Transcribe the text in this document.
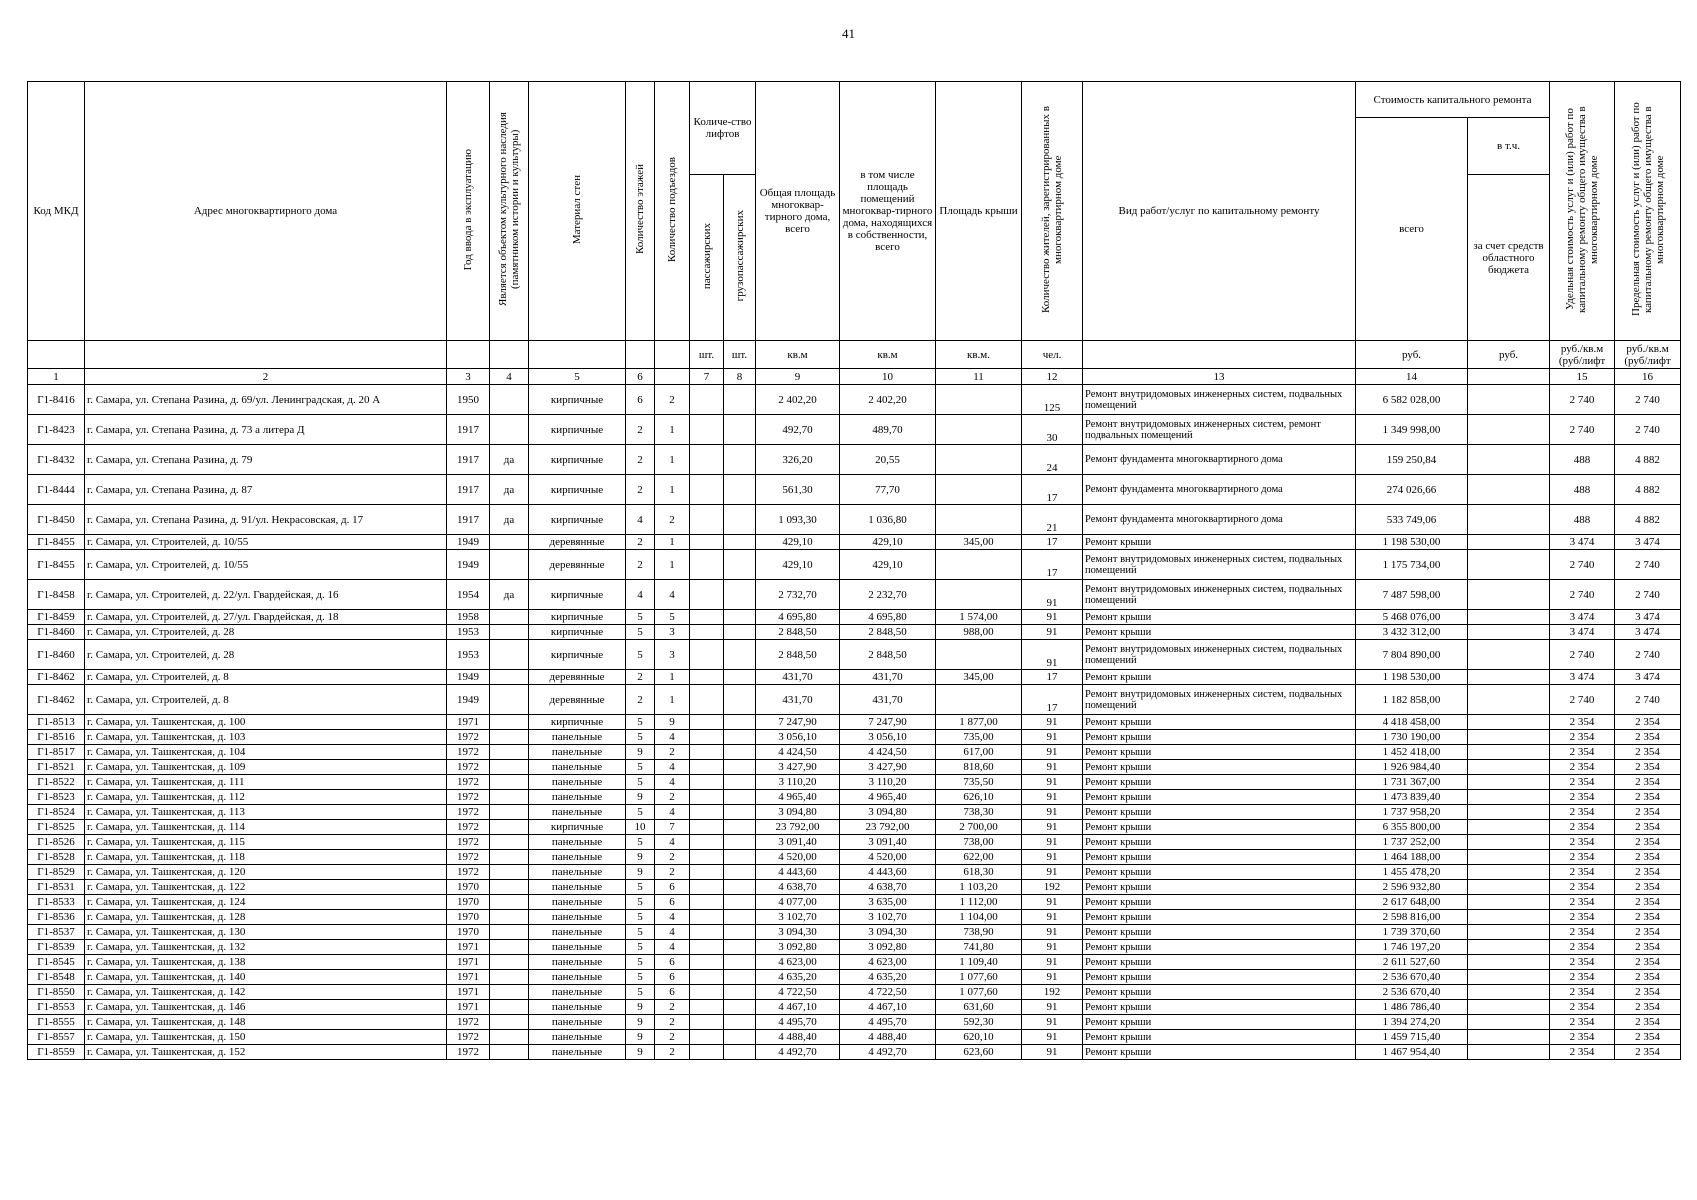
41
Код МКД	Адрес многоквартирного дома	Год ввода в эксплуатацию	Является объектом культурного наследия (памятником истории и культуры)	Материал стен	Количество этажей	Количество подъездов	Количе-ство лифтов		Общая площадь многоквар-тирного дома, всего	в том числе площадь помещений многоквар-тирного дома, находящихся в собственности, всего	Площадь крыши	Количество жителей, зарегистрированных в многоквартирном доме	Вид работ/услуг по капитальному ремонту	Стоимость капитального ремонта		Удельная стоимость услуг и (или) работ по капитальному ремонту общего имущества в многоквартирном доме	Предельная стоимость услуг и (или) работ по капитальному ремонту общего имущества в многоквартирном доме
														всего	в т.ч.		
							пассажирских	грузопассажирских							за счет средств областного бюджета		
							шт.	шт.	кв.м	кв.м	кв.м.	чел.		руб.	руб.	руб./кв.м (руб/лифт	руб./кв.м (руб/лифт
1	2	3	4	5	6		7	8	9	10	11	12	13	14		15	16
Г1-8416	г. Самара, ул. Степана Разина, д. 69/ул. Ленинградская, д. 20 А	1950		кирпичные	6	2			2 402,20	2 402,20		125	Ремонт внутридомовых инженерных систем, подвальных помещений	6 582 028,00		2 740	2 740
Г1-8423	г. Самара, ул. Степана Разина, д. 73 а литера Д	1917		кирпичные	2	1			492,70	489,70		30	Ремонт внутридомовых инженерных систем, ремонт подвальных помещений	1 349 998,00		2 740	2 740
Г1-8432	г. Самара, ул. Степана Разина, д. 79	1917	да	кирпичные	2	1			326,20	20,55		24	Ремонт фундамента многоквартирного дома	159 250,84		488	4 882
Г1-8444	г. Самара, ул. Степана Разина, д. 87	1917	да	кирпичные	2	1			561,30	77,70		17	Ремонт фундамента многоквартирного дома	274 026,66		488	4 882
Г1-8450	г. Самара, ул. Степана Разина, д. 91/ул. Некрасовская, д. 17	1917	да	кирпичные	4	2			1 093,30	1 036,80		21	Ремонт фундамента многоквартирного дома	533 749,06		488	4 882
Г1-8455	г. Самара, ул. Строителей, д. 10/55	1949		деревянные	2	1			429,10	429,10	345,00	17	Ремонт крыши	1 198 530,00		3 474	3 474
Г1-8455	г. Самара, ул. Строителей, д. 10/55	1949		деревянные	2	1			429,10	429,10		17	Ремонт внутридомовых инженерных систем, подвальных помещений	1 175 734,00		2 740	2 740
Г1-8458	г. Самара, ул. Строителей, д. 22/ул. Гвардейская, д. 16	1954	да	кирпичные	4	4			2 732,70	2 232,70		91	Ремонт внутридомовых инженерных систем, подвальных помещений	7 487 598,00		2 740	2 740
Г1-8459	г. Самара, ул. Строителей, д. 27/ул. Гвардейская, д. 18	1958		кирпичные	5	5			4 695,80	4 695,80	1 574,00	91	Ремонт крыши	5 468 076,00		3 474	3 474
Г1-8460	г. Самара, ул. Строителей, д. 28	1953		кирпичные	5	3			2 848,50	2 848,50	988,00	91	Ремонт крыши	3 432 312,00		3 474	3 474
Г1-8460	г. Самара, ул. Строителей, д. 28	1953		кирпичные	5	3			2 848,50	2 848,50		91	Ремонт внутридомовых инженерных систем, подвальных помещений	7 804 890,00		2 740	2 740
Г1-8462	г. Самара, ул. Строителей, д. 8	1949		деревянные	2	1			431,70	431,70	345,00	17	Ремонт крыши	1 198 530,00		3 474	3 474
Г1-8462	г. Самара, ул. Строителей, д. 8	1949		деревянные	2	1			431,70	431,70		17	Ремонт внутридомовых инженерных систем, подвальных помещений	1 182 858,00		2 740	2 740
Г1-8513	г. Самара, ул. Ташкентская, д. 100	1971		кирпичные	5	9			7 247,90	7 247,90	1 877,00	91	Ремонт крыши	4 418 458,00		2 354	2 354
Г1-8516	г. Самара, ул. Ташкентская, д. 103	1972		панельные	5	4			3 056,10	3 056,10	735,00	91	Ремонт крыши	1 730 190,00		2 354	2 354
Г1-8517	г. Самара, ул. Ташкентская, д. 104	1972		панельные	9	2			4 424,50	4 424,50	617,00	91	Ремонт крыши	1 452 418,00		2 354	2 354
Г1-8521	г. Самара, ул. Ташкентская, д. 109	1972		панельные	5	4			3 427,90	3 427,90	818,60	91	Ремонт крыши	1 926 984,40		2 354	2 354
Г1-8522	г. Самара, ул. Ташкентская, д. 111	1972		панельные	5	4			3 110,20	3 110,20	735,50	91	Ремонт крыши	1 731 367,00		2 354	2 354
Г1-8523	г. Самара, ул. Ташкентская, д. 112	1972		панельные	9	2			4 965,40	4 965,40	626,10	91	Ремонт крыши	1 473 839,40		2 354	2 354
Г1-8524	г. Самара, ул. Ташкентская, д. 113	1972		панельные	5	4			3 094,80	3 094,80	738,30	91	Ремонт крыши	1 737 958,20		2 354	2 354
Г1-8525	г. Самара, ул. Ташкентская, д. 114	1972		кирпичные	10	7			23 792,00	23 792,00	2 700,00	91	Ремонт крыши	6 355 800,00		2 354	2 354
Г1-8526	г. Самара, ул. Ташкентская, д. 115	1972		панельные	5	4			3 091,40	3 091,40	738,00	91	Ремонт крыши	1 737 252,00		2 354	2 354
Г1-8528	г. Самара, ул. Ташкентская, д. 118	1972		панельные	9	2			4 520,00	4 520,00	622,00	91	Ремонт крыши	1 464 188,00		2 354	2 354
Г1-8529	г. Самара, ул. Ташкентская, д. 120	1972		панельные	9	2			4 443,60	4 443,60	618,30	91	Ремонт крыши	1 455 478,20		2 354	2 354
Г1-8531	г. Самара, ул. Ташкентская, д. 122	1970		панельные	5	6			4 638,70	4 638,70	1 103,20	192	Ремонт крыши	2 596 932,80		2 354	2 354
Г1-8533	г. Самара, ул. Ташкентская, д. 124	1970		панельные	5	6			4 077,00	3 635,00	1 112,00	91	Ремонт крыши	2 617 648,00		2 354	2 354
Г1-8536	г. Самара, ул. Ташкентская, д. 128	1970		панельные	5	4			3 102,70	3 102,70	1 104,00	91	Ремонт крыши	2 598 816,00		2 354	2 354
Г1-8537	г. Самара, ул. Ташкентская, д. 130	1970		панельные	5	4			3 094,30	3 094,30	738,90	91	Ремонт крыши	1 739 370,60		2 354	2 354
Г1-8539	г. Самара, ул. Ташкентская, д. 132	1971		панельные	5	4			3 092,80	3 092,80	741,80	91	Ремонт крыши	1 746 197,20		2 354	2 354
Г1-8545	г. Самара, ул. Ташкентская, д. 138	1971		панельные	5	6			4 623,00	4 623,00	1 109,40	91	Ремонт крыши	2 611 527,60		2 354	2 354
Г1-8548	г. Самара, ул. Ташкентская, д. 140	1971		панельные	5	6			4 635,20	4 635,20	1 077,60	91	Ремонт крыши	2 536 670,40		2 354	2 354
Г1-8550	г. Самара, ул. Ташкентская, д. 142	1971		панельные	5	6			4 722,50	4 722,50	1 077,60	192	Ремонт крыши	2 536 670,40		2 354	2 354
Г1-8553	г. Самара, ул. Ташкентская, д. 146	1971		панельные	9	2			4 467,10	4 467,10	631,60	91	Ремонт крыши	1 486 786,40		2 354	2 354
Г1-8555	г. Самара, ул. Ташкентская, д. 148	1972		панельные	9	2			4 495,70	4 495,70	592,30	91	Ремонт крыши	1 394 274,20		2 354	2 354
Г1-8557	г. Самара, ул. Ташкентская, д. 150	1972		панельные	9	2			4 488,40	4 488,40	620,10	91	Ремонт крыши	1 459 715,40		2 354	2 354
Г1-8559	г. Самара, ул. Ташкентская, д. 152	1972		панельные	9	2			4 492,70	4 492,70	623,60	91	Ремонт крыши	1 467 954,40		2 354	2 354
